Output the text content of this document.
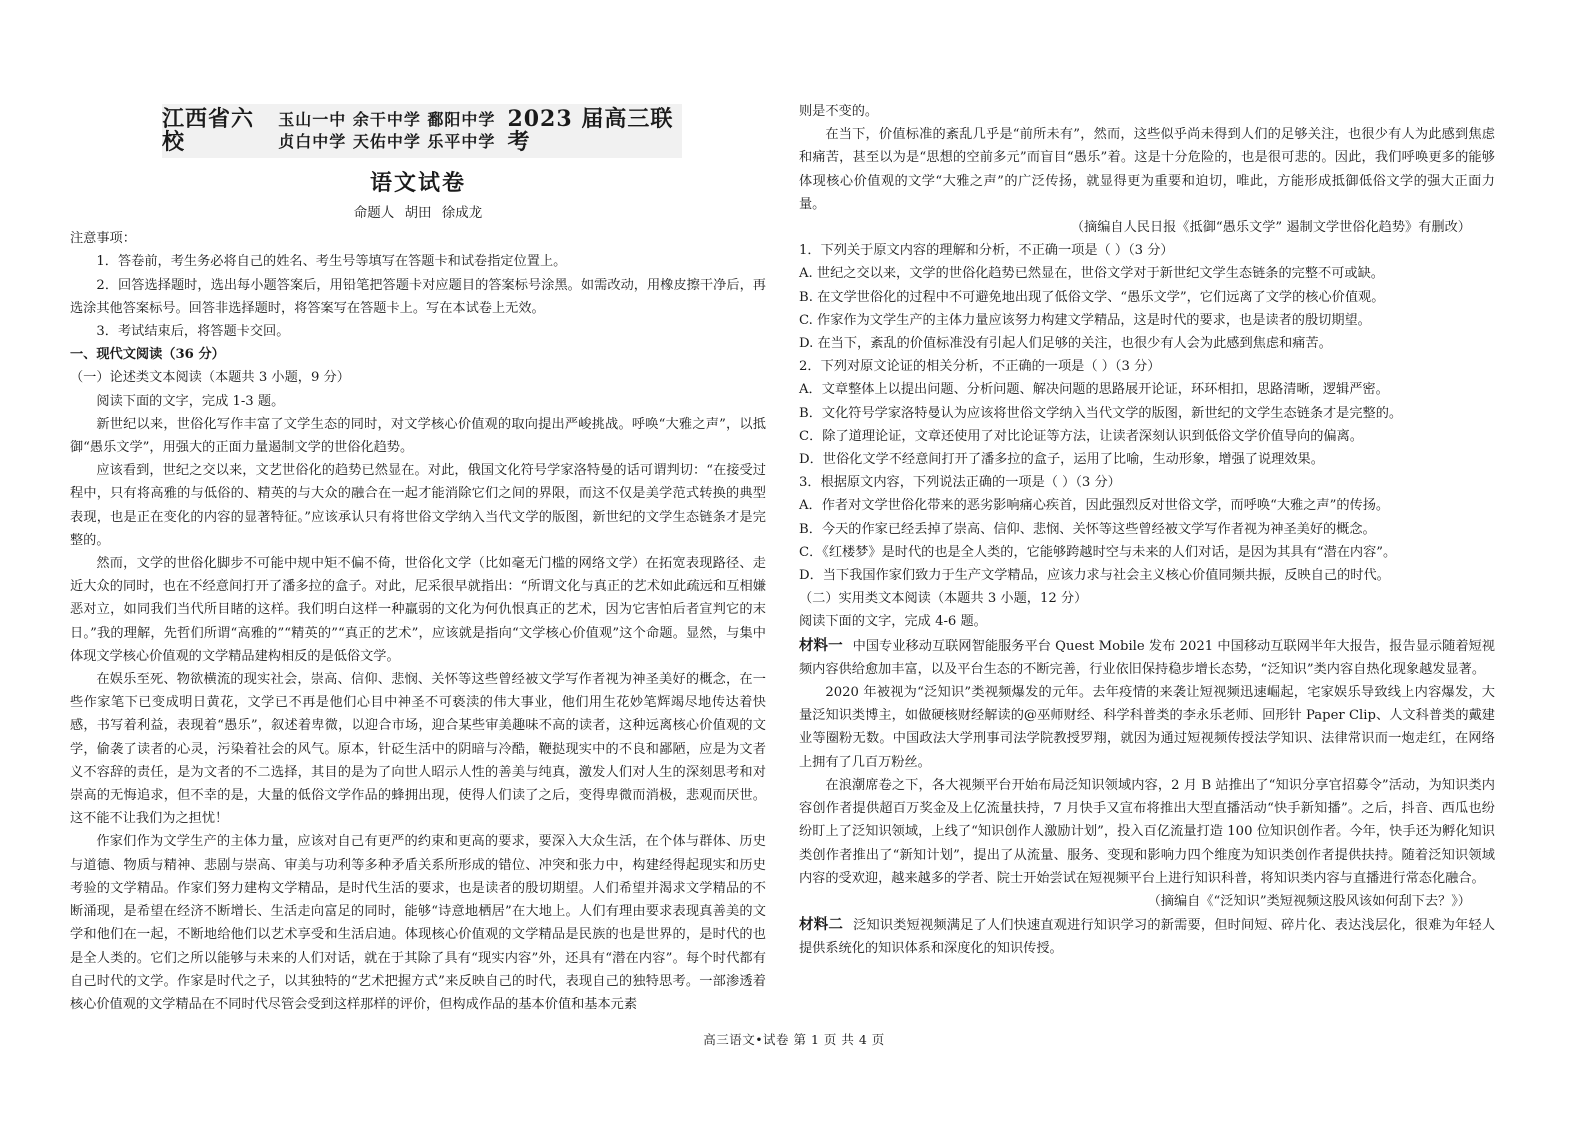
江西省六校
玉山一中 余干中学 鄱阳中学
贞白中学 天佑中学 乐平中学
2023 届高三联考
语文试卷
命题人 胡田 徐成龙

注意事项：

1．答卷前，考生务必将自己的姓名、考生号等填写在答题卡和试卷指定位置上。

2．回答选择题时，选出每小题答案后，用铅笔把答题卡对应题目的答案标号涂黑。如需改动，用橡皮擦干净后，再选涂其他答案标号。回答非选择题时，将答案写在答题卡上。写在本试卷上无效。

3．考试结束后，将答题卡交回。

一、现代文阅读（36 分）

（一）论述类文本阅读（本题共 3 小题，9 分）

阅读下面的文字，完成 1-3 题。

新世纪以来，世俗化写作丰富了文学生态的同时，对文学核心价值观的取向提出严峻挑战。呼唤“大雅之声”，以抵御“愚乐文学”，用强大的正面力量遏制文学的世俗化趋势。

应该看到，世纪之交以来，文艺世俗化的趋势已然显在。对此，俄国文化符号学家洛特曼的话可谓判切：“在接受过程中，只有将高雅的与低俗的、精英的与大众的融合在一起才能消除它们之间的界限，而这不仅是美学范式转换的典型表现，也是正在变化的内容的显著特征。”应该承认只有将世俗文学纳入当代文学的版图，新世纪的文学生态链条才是完整的。

然而，文学的世俗化脚步不可能中规中矩不偏不倚，世俗化文学（比如毫无门槛的网络文学）在拓宽表现路径、走近大众的同时，也在不经意间打开了潘多拉的盒子。对此，尼采很早就指出：“所谓文化与真正的艺术如此疏远和互相嫌恶对立，如同我们当代所目睹的这样。我们明白这样一种羸弱的文化为何仇恨真正的艺术，因为它害怕后者宣判它的末日。”我的理解，先哲们所谓“高雅的”“精英的”“真正的艺术”，应该就是指向“文学核心价值观”这个命题。显然，与集中体现文学核心价值观的文学精品建构相反的是低俗文学。

在娱乐至死、物欲横流的现实社会，崇高、信仰、悲悯、关怀等这些曾经被文学写作者视为神圣美好的概念，在一些作家笔下已变成明日黄花，文学已不再是他们心目中神圣不可亵渎的伟大事业，他们用生花妙笔辉竭尽地传达着快感，书写着利益，表现着“愚乐”，叙述着卑微，以迎合市场，迎合某些审美趣味不高的读者，这种远离核心价值观的文学，偷袭了读者的心灵，污染着社会的风气。原本，针砭生活中的阴暗与冷酷，鞭挞现实中的不良和鄙陋，应是为文者义不容辞的责任，是为文者的不二选择，其目的是为了向世人昭示人性的善美与纯真，激发人们对人生的深刻思考和对崇高的无悔追求，但不幸的是，大量的低俗文学作品的蜂拥出现，使得人们读了之后，变得卑微而消极，悲观而厌世。这不能不让我们为之担忧！

作家们作为文学生产的主体力量，应该对自己有更严的约束和更高的要求，要深入大众生活，在个体与群体、历史与道德、物质与精神、悲剧与崇高、审美与功利等多种矛盾关系所形成的错位、冲突和张力中，构建经得起现实和历史考验的文学精品。作家们努力建构文学精品，是时代生活的要求，也是读者的殷切期望。人们希望并渴求文学精品的不断涌现，是希望在经济不断增长、生活走向富足的同时，能够“诗意地栖居”在大地上。人们有理由要求表现真善美的文学和他们在一起，不断地给他们以艺术享受和生活启迪。体现核心价值观的文学精品是民族的也是世界的，是时代的也是全人类的。它们之所以能够与未来的人们对话，就在于其除了具有“现实内容”外，还具有“潜在内容”。每个时代都有自己时代的文学。作家是时代之子，以其独特的“艺术把握方式”来反映自己的时代，表现自己的独特思考。一部渗透着核心价值观的文学精品在不同时代尽管会受到这样那样的评价，但构成作品的基本价值和基本元素

则是不变的。

在当下，价值标准的紊乱几乎是“前所未有”，然而，这些似乎尚未得到人们的足够关注，也很少有人为此感到焦虑和痛苦，甚至以为是“思想的空前多元”而盲目“愚乐”着。这是十分危险的，也是很可悲的。因此，我们呼唤更多的能够体现核心价值观的文学“大雅之声”的广泛传扬，就显得更为重要和迫切，唯此，方能形成抵御低俗文学的强大正面力量。

（摘编自人民日报《抵御“愚乐文学” 遏制文学世俗化趋势》有删改）

1．下列关于原文内容的理解和分析，不正确一项是（ ）（3 分）

A. 世纪之交以来，文学的世俗化趋势已然显在，世俗文学对于新世纪文学生态链条的完整不可或缺。

B. 在文学世俗化的过程中不可避免地出现了低俗文学、“愚乐文学”，它们远离了文学的核心价值观。

C. 作家作为文学生产的主体力量应该努力构建文学精品，这是时代的要求，也是读者的殷切期望。

D. 在当下，紊乱的价值标准没有引起人们足够的关注，也很少有人会为此感到焦虑和痛苦。

2．下列对原文论证的相关分析，不正确的一项是（ ）（3 分）

A．文章整体上以提出问题、分析问题、解决问题的思路展开论证，环环相扣，思路清晰，逻辑严密。

B．文化符号学家洛特曼认为应该将世俗文学纳入当代文学的版图，新世纪的文学生态链条才是完整的。

C．除了道理论证，文章还使用了对比论证等方法，让读者深刻认识到低俗文学价值导向的偏离。

D．世俗化文学不经意间打开了潘多拉的盒子，运用了比喻，生动形象，增强了说理效果。

3．根据原文内容，下列说法正确的一项是（ ）（3 分）

A．作者对文学世俗化带来的恶劣影响痛心疾首，因此强烈反对世俗文学，而呼唤“大雅之声”的传扬。

B．今天的作家已经丢掉了崇高、信仰、悲悯、关怀等这些曾经被文学写作者视为神圣美好的概念。

C．《红楼梦》是时代的也是全人类的，它能够跨越时空与未来的人们对话，是因为其具有“潜在内容”。

D．当下我国作家们致力于生产文学精品，应该力求与社会主义核心价值同频共振，反映自己的时代。

（二）实用类文本阅读（本题共 3 小题，12 分）

阅读下面的文字，完成 4-6 题。

材料一 中国专业移动互联网智能服务平台 Quest Mobile 发布 2021 中国移动互联网半年大报告，报告显示随着短视频内容供给愈加丰富，以及平台生态的不断完善，行业依旧保持稳步增长态势，“泛知识”类内容自热化现象越发显著。

2020 年被视为“泛知识”类视频爆发的元年。去年疫情的来袭让短视频迅速崛起，宅家娱乐导致线上内容爆发，大量泛知识类博主，如做硬核财经解读的@巫师财经、科学科普类的李永乐老师、回形针 Paper Clip、人文科普类的戴建业等圈粉无数。中国政法大学刑事司法学院教授罗翔，就因为通过短视频传授法学知识、法律常识而一炮走红，在网络上拥有了几百万粉丝。

在浪潮席卷之下，各大视频平台开始布局泛知识领域内容，2 月 B 站推出了“知识分享官招募令”活动，为知识类内容创作者提供超百万奖金及上亿流量扶持，7 月快手又宣布将推出大型直播活动“快手新知播”。之后，抖音、西瓜也纷纷盯上了泛知识领域，上线了“知识创作人激励计划”，投入百亿流量打造 100 位知识创作者。今年，快手还为孵化知识类创作者推出了“新知计划”，提出了从流量、服务、变现和影响力四个维度为知识类创作者提供扶持。随着泛知识领域内容的受欢迎，越来越多的学者、院士开始尝试在短视频平台上进行知识科普，将知识类内容与直播进行常态化融合。

（摘编自《“泛知识”类短视频这股风该如何刮下去？》）

材料二 泛知识类短视频满足了人们快速直观进行知识学习的新需要，但时间短、碎片化、表达浅层化，很难为年轻人提供系统化的知识体系和深度化的知识传授。

高三语文•试卷 第 1 页 共 4 页
